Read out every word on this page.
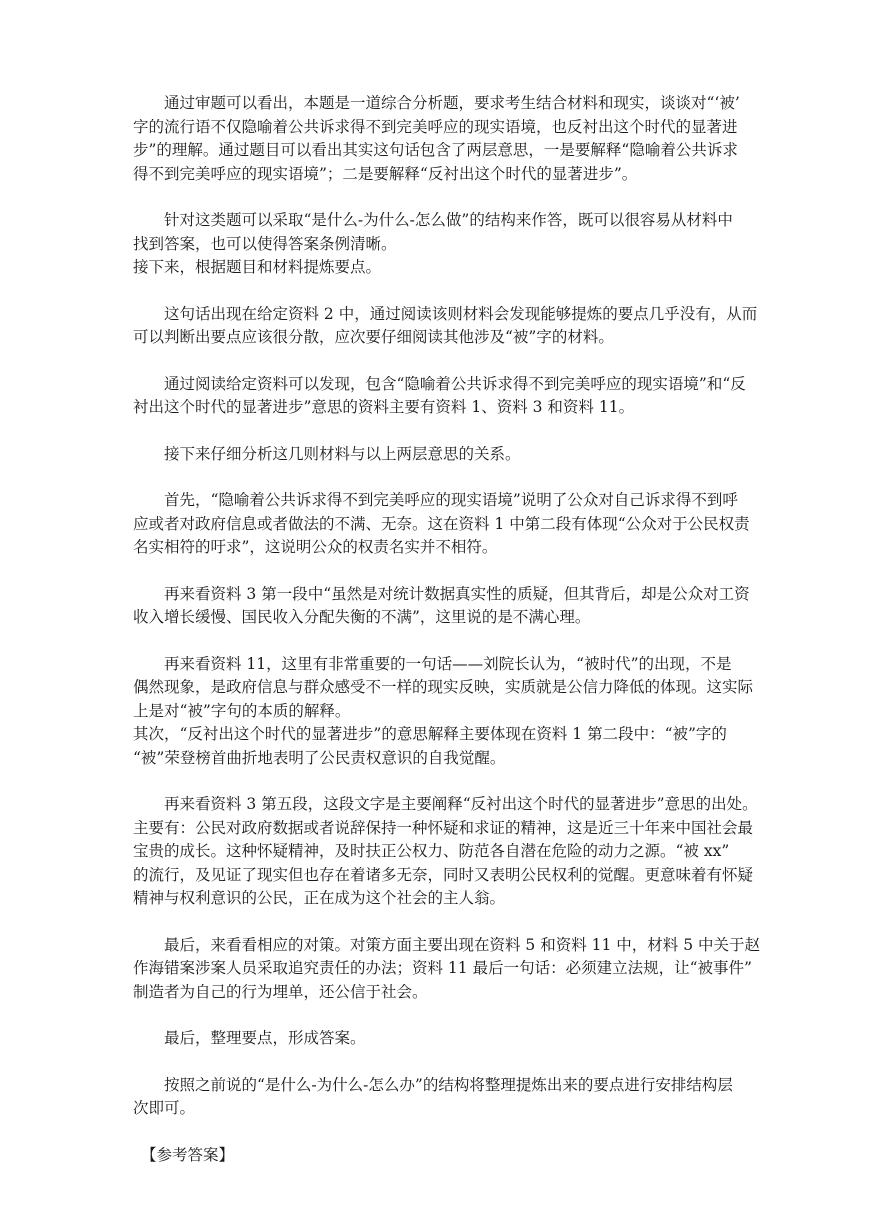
通过审题可以看出，本题是一道综合分析题，要求考生结合材料和现实，谈谈对“‘被’
字的流行语不仅隐喻着公共诉求得不到完美呼应的现实语境，也反衬出这个时代的显著进
步”的理解。通过题目可以看出其实这句话包含了两层意思，一是要解释“隐喻着公共诉求
得不到完美呼应的现实语境”；二是要解释“反衬出这个时代的显著进步”。
针对这类题可以采取“是什么-为什么-怎么做”的结构来作答，既可以很容易从材料中
找到答案，也可以使得答案条例清晰。
接下来，根据题目和材料提炼要点。
这句话出现在给定资料 2 中，通过阅读该则材料会发现能够提炼的要点几乎没有，从而
可以判断出要点应该很分散，应次要仔细阅读其他涉及“被”字的材料。
通过阅读给定资料可以发现，包含“隐喻着公共诉求得不到完美呼应的现实语境”和“反
衬出这个时代的显著进步”意思的资料主要有资料 1、资料 3 和资料 11。
接下来仔细分析这几则材料与以上两层意思的关系。
首先，“隐喻着公共诉求得不到完美呼应的现实语境”说明了公众对自己诉求得不到呼
应或者对政府信息或者做法的不满、无奈。这在资料 1 中第二段有体现“公众对于公民权责
名实相符的吁求”，这说明公众的权责名实并不相符。
再来看资料 3 第一段中“虽然是对统计数据真实性的质疑，但其背后，却是公众对工资
收入增长缓慢、国民收入分配失衡的不满”，这里说的是不满心理。
再来看资料 11，这里有非常重要的一句话——刘院长认为，“被时代”的出现，不是
偶然现象，是政府信息与群众感受不一样的现实反映，实质就是公信力降低的体现。这实际
上是对“被”字句的本质的解释。
其次，“反衬出这个时代的显著进步”的意思解释主要体现在资料 1 第二段中：“被”字的
“被”荣登榜首曲折地表明了公民责权意识的自我觉醒。
再来看资料 3 第五段，这段文字是主要阐释“反衬出这个时代的显著进步”意思的出处。
主要有：公民对政府数据或者说辞保持一种怀疑和求证的精神，这是近三十年来中国社会最
宝贵的成长。这种怀疑精神，及时扶正公权力、防范各自潜在危险的动力之源。“被 xx”
的流行，及见证了现实但也存在着诸多无奈，同时又表明公民权利的觉醒。更意味着有怀疑
精神与权利意识的公民，正在成为这个社会的主人翁。
最后，来看看相应的对策。对策方面主要出现在资料 5 和资料 11 中，材料 5 中关于赵
作海错案涉案人员采取追究责任的办法；资料 11 最后一句话：必须建立法规，让“被事件”
制造者为自己的行为埋单，还公信于社会。
最后，整理要点，形成答案。
按照之前说的“是什么-为什么-怎么办”的结构将整理提炼出来的要点进行安排结构层
次即可。
【参考答案】
